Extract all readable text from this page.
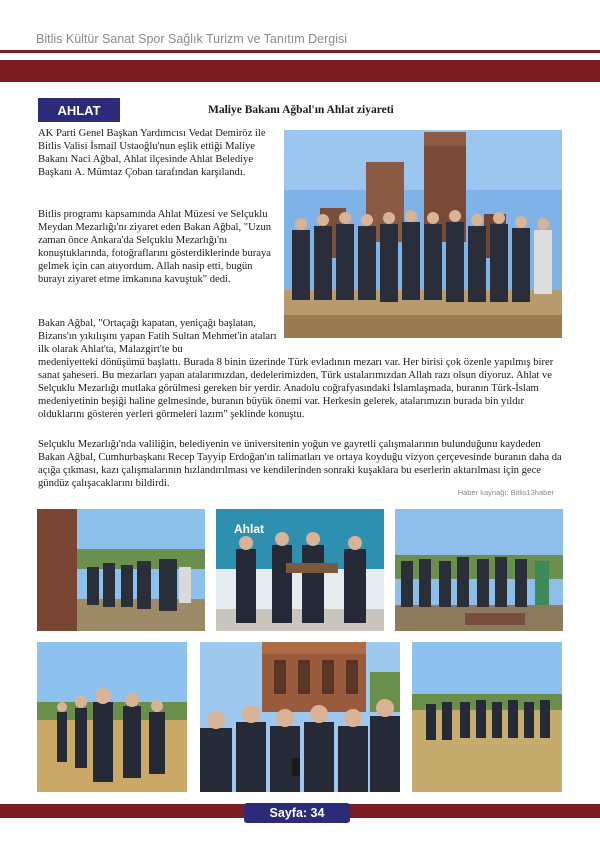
Bitlis Kültür Sanat Spor Sağlık Turizm ve Tanıtım Dergisi
AHLAT	Maliye Bakanı Ağbal'ın Ahlat ziyareti

AK Parti Genel Başkan Yardımcısı Vedat Demiröz ile Bitlis Valisi İsmail Ustaoğlu'nun eşlik ettiği Maliye Bakanı Naci Ağbal, Ahlat ilçesinde Ahlat Belediye Başkanı A. Mümtaz Çoban tarafından karşılandı.

Bitlis programı kapsamında Ahlat Müzesi ve Selçuklu Meydan Mezarlığı'nı ziyaret eden Bakan Ağbal, "Uzun zaman önce Ankara'da Selçuklu Mezarlığı'nı konuştuklarında, fotoğraflarını gösterdiklerinde buraya gelmek için can atıyordum. Allah nasip etti, bugün burayı ziyaret etme imkanına kavuştuk" dedi.

Bakan Ağbal, "Ortaçağı kapatan, yeniçağı başlatan, Bizans'ın yıkılışını yapan Fatih Sultan Mehmet'in ataları ilk olarak Ahlat'ta, Malazgirt'te bu

medeniyetteki dönüşümü başlattı. Burada 8 binin üzerinde Türk evladının mezarı var. Her birisi çok özenle yapılmış birer sanat şaheseri. Bu mezarları yapan atalarımızdan, dedelerimizden, Türk ustalarımızdan Allah razı olsun diyoruz. Ahlat ve Selçuklu Mezarlığı mutlaka görülmesi gereken bir yerdir. Anadolu coğrafyasındaki İslamlaşmada, buranın Türk-İslam medeniyetinin beşiği haline gelmesinde, buranın büyük önemi var. Herkesin gelerek, atalarımızın burada bin yıldır olduklarını gösteren yerleri görmeleri lazım" şeklinde konuştu.

Selçuklu Mezarlığı'nda valiliğin, belediyenin ve üniversitenin yoğun ve gayretli çalışmalarının bulunduğunu kaydeden Bakan Ağbal, Cumhurbaşkanı Recep Tayyip Erdoğan'ın talimatları ve ortaya koyduğu vizyon çerçevesinde buranın daha da açığa çıkması, kazı çalışmalarının hızlandırılması ve kendilerinden sonraki kuşaklara bu eserlerin aktarılması için gece gündüz çalışacaklarını bildirdi.

Haber kaynağı: Bitlis13haber
Ahlat
Sayfa: 34
